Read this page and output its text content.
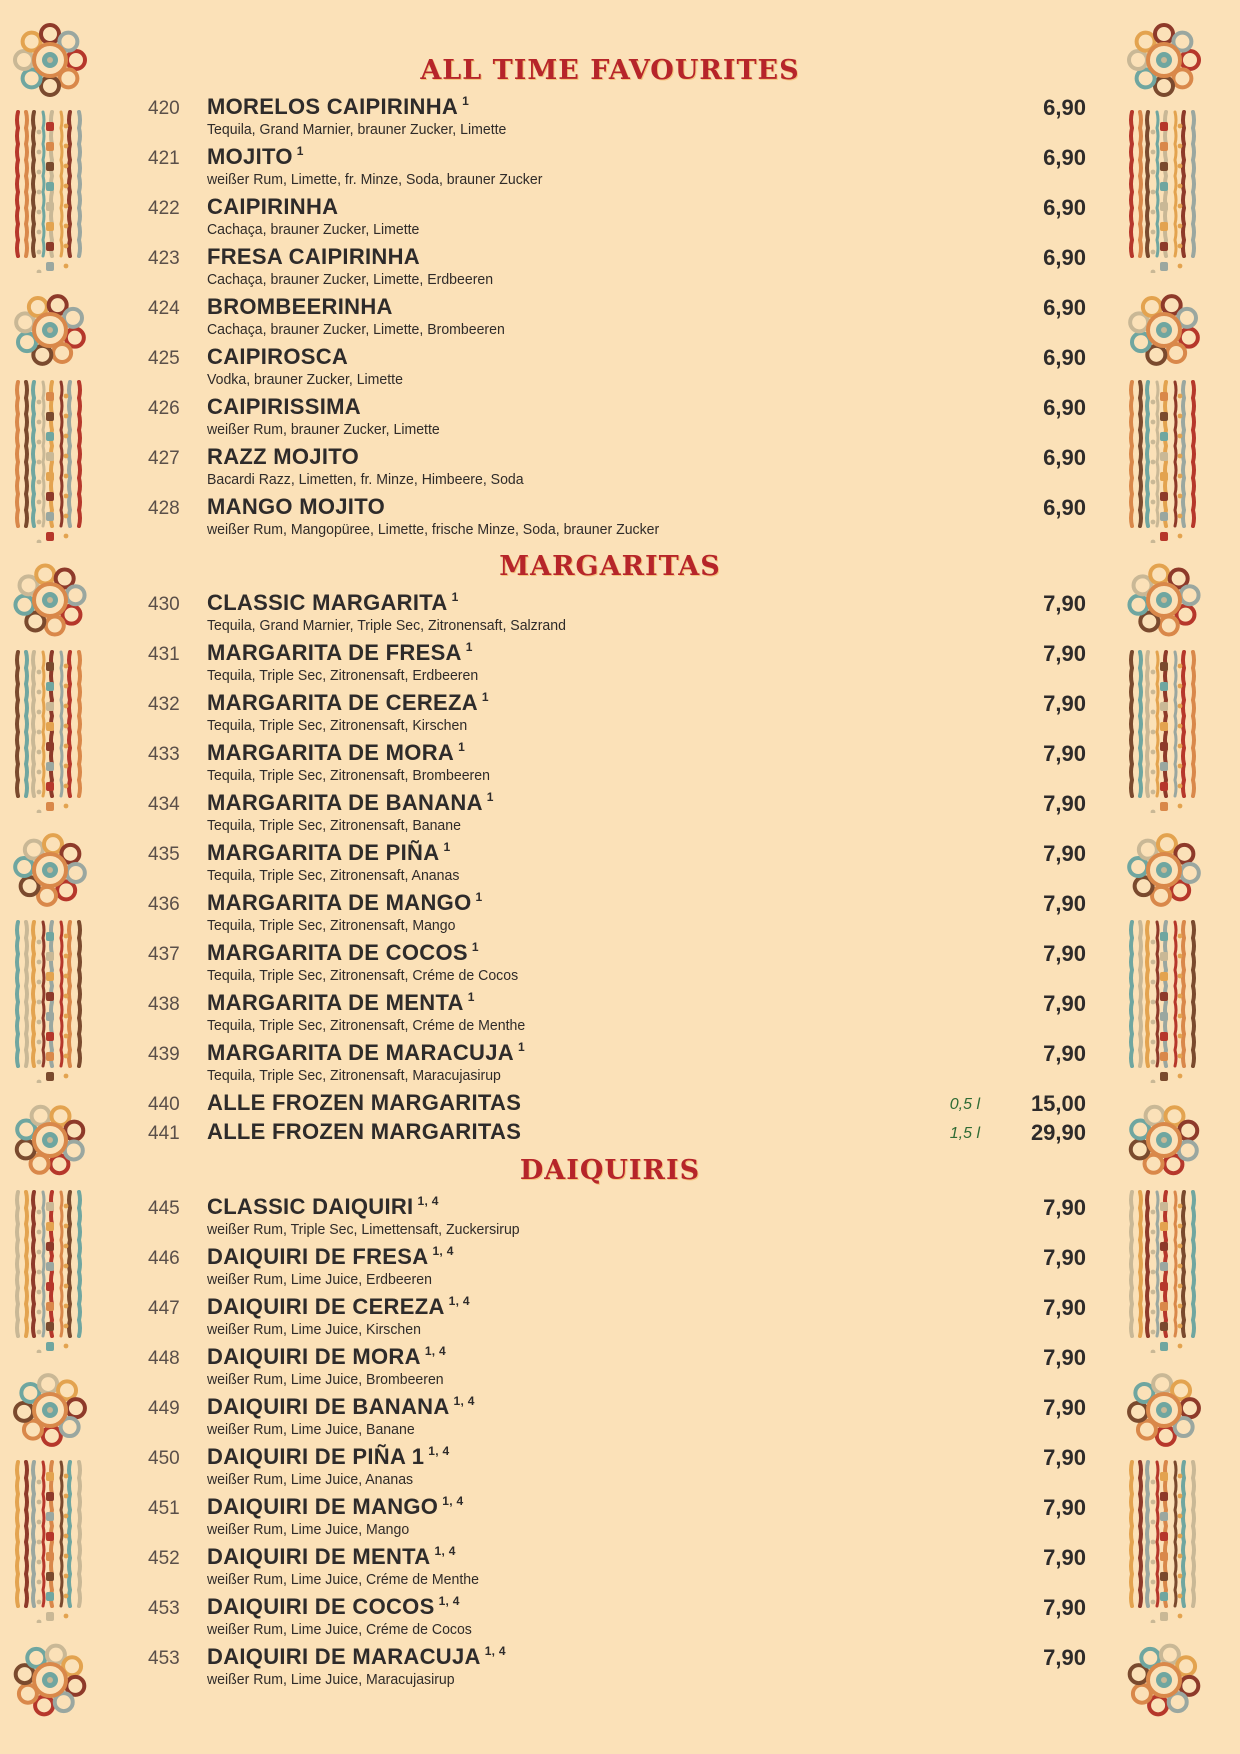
ALL TIME FAVOURITES
420 MORELOS CAIPIRINHA $^1$
Tequila, Grand Marnier, brauner Zucker, Limette
6,90
421 MOJITO $^1$
weißer Rum, Limette, fr. Minze, Soda, brauner Zucker
6,90
422 CAIPIRINHA
Cachaça, brauner Zucker, Limette
6,90
423 FRESA CAIPIRINHA
Cachaça, brauner Zucker, Limette, Erdbeeren
6,90
424 BROMBEERINHA
Cachaça, brauner Zucker, Limette, Brombeeren
6,90
425 CAIPIROSCA
Vodka, brauner Zucker, Limette
6,90
426 CAIPIRISSIMA
weißer Rum, brauner Zucker, Limette
6,90
427 RAZZ MOJITO
Bacardi Razz, Limetten, fr. Minze, Himbeere, Soda
6,90
428 MANGO MOJITO
weißer Rum, Mangopüree, Limette, frische Minze, Soda, brauner Zucker
6,90
MARGARITAS
430 CLASSIC MARGARITA $^1$
Tequila, Grand Marnier, Triple Sec, Zitronensaft, Salzrand
7,90
431 MARGARITA DE FRESA $^1$
Tequila, Triple Sec, Zitronensaft, Erdbeeren
7,90
432 MARGARITA DE CEREZA $^1$
Tequila, Triple Sec, Zitronensaft, Kirschen
7,90
433 MARGARITA DE MORA $^1$
Tequila, Triple Sec, Zitronensaft, Brombeeren
7,90
434 MARGARITA DE BANANA $^1$
Tequila, Triple Sec, Zitronensaft, Banane
7,90
435 MARGARITA DE PIÑA $^1$
Tequila, Triple Sec, Zitronensaft, Ananas
7,90
436 MARGARITA DE MANGO $^1$
Tequila, Triple Sec, Zitronensaft, Mango
7,90
437 MARGARITA DE COCOS $^1$
Tequila, Triple Sec, Zitronensaft, Créme de Cocos
7,90
438 MARGARITA DE MENTA $^1$
Tequila, Triple Sec, Zitronensaft, Créme de Menthe
7,90
439 MARGARITA DE MARACUJA $^1$
Tequila, Triple Sec, Zitronensaft, Maracujasirup
7,90
440 ALLE FROZEN MARGARITAS	0,5 l 15,00
441 ALLE FROZEN MARGARITAS	1,5 l 29,90
DAIQUIRIS
445 CLASSIC DAIQUIRI $^{1, 4}$
weißer Rum, Triple Sec, Limettensaft, Zuckersirup
7,90
446 DAIQUIRI DE FRESA $^{1, 4}$
weißer Rum, Lime Juice, Erdbeeren
7,90
447 DAIQUIRI DE CEREZA $^{1, 4}$
weißer Rum, Lime Juice, Kirschen
7,90
448 DAIQUIRI DE MORA $^{1, 4}$
weißer Rum, Lime Juice, Brombeeren
7,90
449 DAIQUIRI DE BANANA $^{1, 4}$
weißer Rum, Lime Juice, Banane
7,90
450 DAIQUIRI DE PIÑA 1 $^{1, 4}$
weißer Rum, Lime Juice, Ananas
7,90
451 DAIQUIRI DE MANGO $^{1, 4}$
weißer Rum, Lime Juice, Mango
7,90
452 DAIQUIRI DE MENTA $^{1, 4}$
weißer Rum, Lime Juice, Créme de Menthe
7,90
453 DAIQUIRI DE COCOS $^{1, 4}$
weißer Rum, Lime Juice, Créme de Cocos
7,90
453 DAIQUIRI DE MARACUJA $^{1, 4}$
weißer Rum, Lime Juice, Maracujasirup
7,90
